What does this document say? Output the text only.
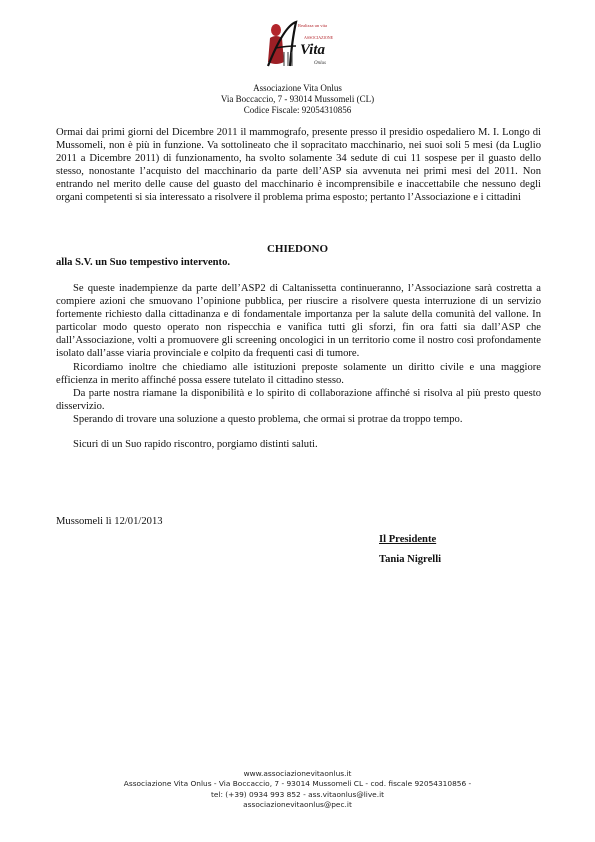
Realizza un vita
ASSOCIAZIONE
Vita
Onlus
Associazione Vita Onlus
Via Boccaccio, 7 - 93014 Mussomeli (CL)
Codice Fiscale: 92054310856

Ormai dai primi giorni del Dicembre 2011 il mammografo, presente presso il presidio ospedaliero M. I. Longo di Mussomeli, non è più in funzione. Va sottolineato che il sopracitato macchinario, nei suoi soli 5 mesi (da Luglio 2011 a Dicembre 2011) di funzionamento, ha svolto solamente 34 sedute di cui 11 sospese per il guasto dello stesso, nonostante l’acquisto del macchinario da parte dell’ASP sia avvenuta nei primi mesi del 2011. Non entrando nel merito delle cause del guasto del macchinario è incomprensibile e inaccettabile che nessuno degli organi competenti si sia interessato a risolvere il problema prima esposto; pertanto l’Associazione e i cittadini

CHIEDONO
alla S.V. un Suo tempestivo intervento.

Se queste inadempienze da parte dell’ASP2 di Caltanissetta continueranno, l’Associazione sarà costretta a compiere azioni che smuovano l’opinione pubblica, per riuscire a risolvere questa interruzione di un servizio fortemente richiesto dalla cittadinanza e di fondamentale importanza per la salute della comunità del vallone. In particolar modo questo operato non rispecchia e vanifica tutti gli sforzi, fin ora fatti sia dall’ASP che dall’Associazione, volti a promuovere gli screening oncologici in un territorio come il nostro così profondamente isolato dall’asse viaria provinciale e colpito da frequenti casi di tumore.

Ricordiamo inoltre che chiediamo alle istituzioni preposte solamente un diritto civile e una maggiore efficienza in merito affinché possa essere tutelato il cittadino stesso.

Da parte nostra riamane la disponibilità e lo spirito di collaborazione affinché si risolva al più presto questo disservizio.

Sperando di trovare una soluzione a questo problema, che ormai si protrae da troppo tempo.

Sicuri di un Suo rapido riscontro, porgiamo distinti saluti.

Mussomeli lì 12/01/2013
Il Presidente
Tania Nigrelli
www.associazionevitaonlus.it
Associazione Vita Onlus - Via Boccaccio, 7 - 93014 Mussomeli CL - cod. fiscale 92054310856 -
tel: (+39) 0934 993 852 - ass.vitaonlus@live.it
associazionevitaonlus@pec.it
